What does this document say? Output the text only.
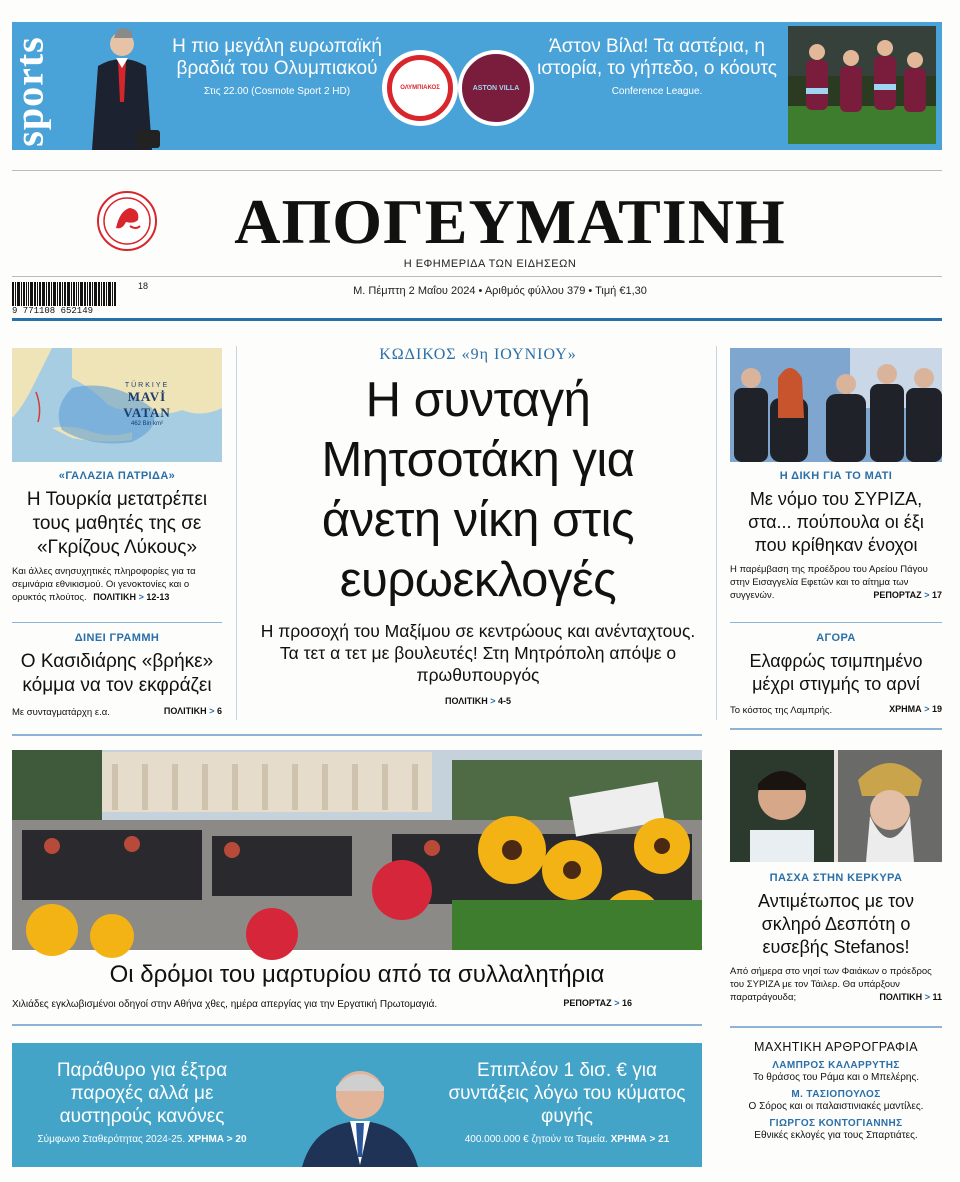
sports	Η πιο μεγάλη ευρωπαϊκή βραδιά του Ολυμπιακού
Στις 22.00 (Cosmote Sport 2 HD)	ΟΛΥΜΠΙΑΚΟΣ	ASTON VILLA
Άστον Βίλα! Τα αστέρια, η ιστορία, το γήπεδο, ο κόουτς
Conference League.
ΑΠΟΓΕΥΜΑΤΙΝΗ
Η ΕΦΗΜΕΡΙΔΑ ΤΩΝ ΕΙΔΗΣΕΩΝ
18
9 771108 652149
Μ. Πέμπτη 2 Μαΐου 2024 • Αριθμός φύλλου 379 • Τιμή €1,30
TÜRKIYE
MAVİ VATAN
462 Bin km²
«ΓΑΛΑΖΙΑ ΠΑΤΡΙΔΑ»
Η Τουρκία μετατρέπει τους μαθητές της σε «Γκρίζους Λύκους»
Και άλλες ανησυχητικές πληροφορίες για τα σεμινάρια εθνικισμού. Οι γενοκτονίες και ο ορυκτός πλούτος. ΠΟΛΙΤΙΚΗ > 12-13
ΔΙΝΕΙ ΓΡΑΜΜΗ
Ο Κασιδιάρης «βρήκε» κόμμα να τον εκφράζει
Με συνταγματάρχη ε.α.	ΠΟΛΙΤΙΚΗ > 6
ΚΩΔΙΚΟΣ «9η ΙΟΥΝΙΟΥ»
Η συνταγή Μητσοτάκη για άνετη νίκη στις ευρωεκλογές
Η προσοχή του Μαξίμου σε κεντρώους και ανένταχτους. Τα τετ α τετ με βουλευτές! Στη Μητρόπολη απόψε ο πρωθυπουργός
ΠΟΛΙΤΙΚΗ > 4-5
Η ΔΙΚΗ ΓΙΑ ΤΟ ΜΑΤΙ
Με νόμο του ΣΥΡΙΖΑ, στα... πούπουλα οι έξι που κρίθηκαν ένοχοι
Η παρέμβαση της προέδρου του Αρείου Πάγου στην Εισαγγελία Εφετών και το αίτημα των συγγενών.	ΡΕΠΟΡΤΑΖ > 17
ΑΓΟΡΑ
Ελαφρώς τσιμπημένο μέχρι στιγμής το αρνί
Το κόστος της Λαμπρής.	ΧΡΗΜΑ > 19
ΠΑΣΧΑ ΣΤΗΝ ΚΕΡΚΥΡΑ
Αντιμέτωπος με τον σκληρό Δεσπότη ο ευσεβής Stefanos!
Από σήμερα στο νησί των Φαιάκων ο πρόεδρος του ΣΥΡΙΖΑ με τον Τάιλερ. Θα υπάρξουν παρατράγουδα;	ΠΟΛΙΤΙΚΗ > 11
ΜΑΧΗΤΙΚΗ ΑΡΘΡΟΓΡΑΦΙΑ
ΛΑΜΠΡΟΣ ΚΑΛΑΡΡΥΤΗΣ
Το θράσος του Ράμα και ο Μπελέρης.
Μ. ΤΑΣΙΟΠΟΥΛΟΣ
Ο Σόρος και οι παλαιστινιακές μαντίλες.
ΓΙΩΡΓΟΣ ΚΟΝΤΟΓΙΑΝΝΗΣ
Εθνικές εκλογές για τους Σπαρτιάτες.
Οι δρόμοι του μαρτυρίου από τα συλλαλητήρια
Χιλιάδες εγκλωβισμένοι οδηγοί στην Αθήνα χθες, ημέρα απεργίας για την Εργατική Πρωτομαγιά.	ΡΕΠΟΡΤΑΖ > 16
Παράθυρο για έξτρα παροχές αλλά με αυστηρούς κανόνες
Σύμφωνο Σταθερότητας 2024-25. ΧΡΗΜΑ > 20
Επιπλέον 1 δισ. € για συντάξεις λόγω του κύματος φυγής
400.000.000 € ζητούν τα Ταμεία. ΧΡΗΜΑ > 21
